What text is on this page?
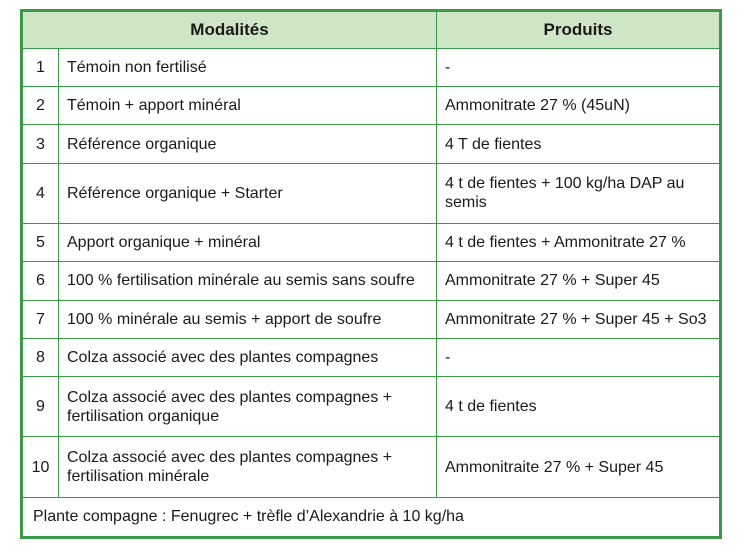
Modalités		Produits
1	Témoin non fertilisé	-
2	Témoin + apport minéral	Ammonitrate 27 % (45uN)
3	Référence organique	4 T de fientes
4	Référence organique + Starter	4 t de fientes + 100 kg/ha DAP au semis
5	Apport organique + minéral	4 t de fientes + Ammonitrate 27 %
6	100 % fertilisation minérale au semis sans soufre	Ammonitrate 27 % + Super 45
7	100 % minérale au semis + apport de soufre	Ammonitrate 27 % + Super 45 + So3
8	Colza associé avec des plantes compagnes	-
9	Colza associé avec des plantes compagnes + fertilisation organique	4 t de fientes
10	Colza associé avec des plantes compagnes + fertilisation minérale	Ammonitraite 27 % + Super 45
Plante compagne : Fenugrec + trèfle d’Alexandrie à 10 kg/ha		
